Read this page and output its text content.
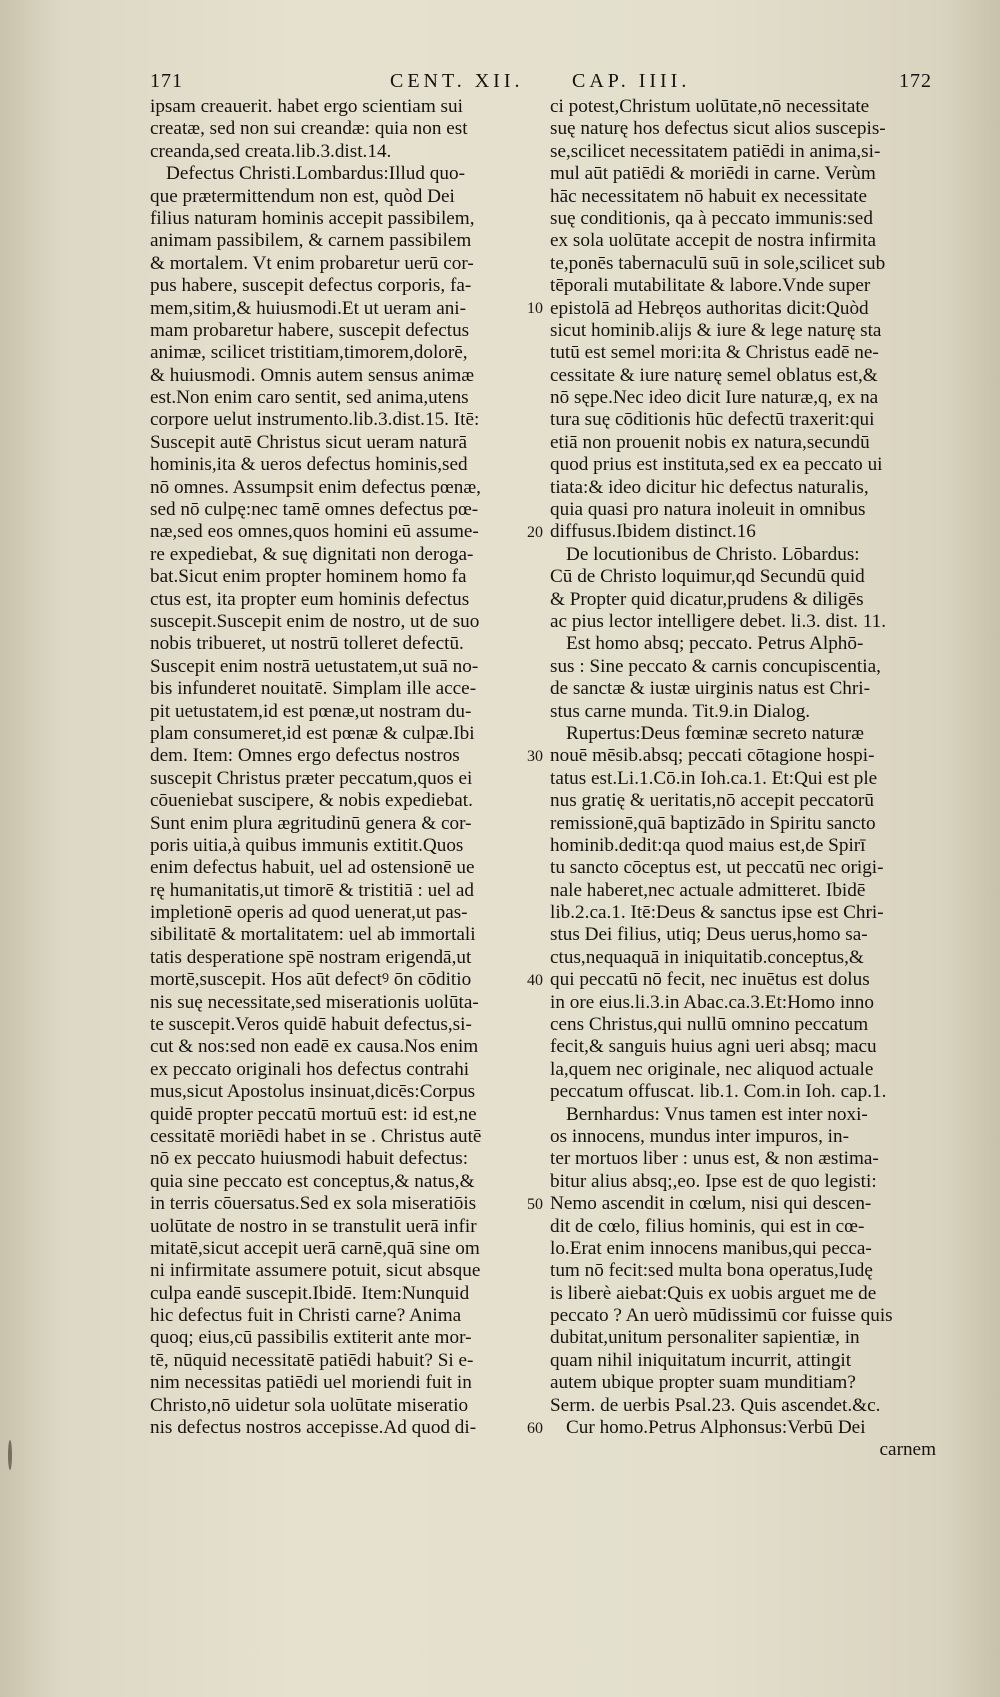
171	CENT. XII. CAP. IIII.	172
ipsam creauerit. habet ergo scientiam sui
creatæ, sed non sui creandæ: quia non est
creanda,sed creata.lib.3.dist.14.
Defectus Christi.Lombardus:Illud quo-
que prætermittendum non est, quòd Dei
filius naturam hominis accepit passibilem,
animam passibilem, & carnem passibilem
& mortalem. Vt enim probaretur uerū cor-
pus habere, suscepit defectus corporis, fa-
mem,sitim,& huiusmodi.Et ut ueram ani-
mam probaretur habere, suscepit defectus
animæ, scilicet tristitiam,timorem,dolorē,
& huiusmodi. Omnis autem sensus animæ
est.Non enim caro sentit, sed anima,utens
corpore uelut instrumento.lib.3.dist.15. Itē:
Suscepit autē Christus sicut ueram naturā
hominis,ita & ueros defectus hominis,sed
nō omnes. Assumpsit enim defectus pœnæ,
sed nō culpę:nec tamē omnes defectus pœ-
næ,sed eos omnes,quos homini eū assume-
re expediebat, & suę dignitati non deroga-
bat.Sicut enim propter hominem homo fa
ctus est, ita propter eum hominis defectus
suscepit.Suscepit enim de nostro, ut de suo
nobis tribueret, ut nostrū tolleret defectū.
Suscepit enim nostrā uetustatem,ut suā no-
bis infunderet nouitatē. Simplam ille acce-
pit uetustatem,id est pœnæ,ut nostram du-
plam consumeret,id est pœnæ & culpæ.Ibi
dem. Item: Omnes ergo defectus nostros
suscepit Christus præter peccatum,quos ei
cōueniebat suscipere, & nobis expediebat.
Sunt enim plura ægritudinū genera & cor-
poris uitia,à quibus immunis extitit.Quos
enim defectus habuit, uel ad ostensionē ue
rę humanitatis,ut timorē & tristitiā : uel ad
impletionē operis ad quod uenerat,ut pas-
sibilitatē & mortalitatem: uel ab immortali
tatis desperatione spē nostram erigendā,ut
mortē,suscepit. Hos aūt defectꝰ ōn cōditio
nis suę necessitate,sed miserationis uolūta-
te suscepit.Veros quidē habuit defectus,si-
cut & nos:sed non eadē ex causa.Nos enim
ex peccato originali hos defectus contrahi
mus,sicut Apostolus insinuat,dicēs:Corpus
quidē propter peccatū mortuū est: id est,ne
cessitatē moriēdi habet in se . Christus autē
nō ex peccato huiusmodi habuit defectus:
quia sine peccato est conceptus,& natus,&
in terris cōuersatus.Sed ex sola miseratiōis
uolūtate de nostro in se transtulit uerā infir
mitatē,sicut accepit uerā carnē,quā sine om
ni infirmitate assumere potuit, sicut absque
culpa eandē suscepit.Ibidē. Item:Nunquid
hic defectus fuit in Christi carne? Anima
quoq; eius,cū passibilis extiterit ante mor-
tē, nūquid necessitatē patiēdi habuit? Si e-
nim necessitas patiēdi uel moriendi fuit in
Christo,nō uidetur sola uolūtate miseratio
nis defectus nostros accepisse.Ad quod di-
ci potest,Christum uolūtate,nō necessitate
suę naturę hos defectus sicut alios suscepis-
se,scilicet necessitatem patiēdi in anima,si-
mul aūt patiēdi & moriēdi in carne. Verùm
hāc necessitatem nō habuit ex necessitate
suę conditionis, qa à peccato immunis:sed
ex sola uolūtate accepit de nostra infirmita
te,ponēs tabernaculū suū in sole,scilicet sub
tēporali mutabilitate & labore.Vnde super
epistolā ad Hebręos authoritas dicit:Quòd
sicut hominib.alijs & iure & lege naturę sta
tutū est semel mori:ita & Christus eadē ne-
cessitate & iure naturę semel oblatus est,&
nō sępe.Nec ideo dicit Iure naturæ,q, ex na
tura suę cōditionis hūc defectū traxerit:qui
etiā non prouenit nobis ex natura,secundū
quod prius est instituta,sed ex ea peccato ui
tiata:& ideo dicitur hic defectus naturalis,
quia quasi pro natura inoleuit in omnibus
diffusus.Ibidem distinct.16
De locutionibus de Christo. Lōbardus:
Cū de Christo loquimur,qd Secundū quid
& Propter quid dicatur,prudens & diligēs
ac pius lector intelligere debet. li.3. dist. 11.
Est homo absq; peccato. Petrus Alphō-
sus : Sine peccato & carnis concupiscentia,
de sanctæ & iustæ uirginis natus est Chri-
stus carne munda. Tit.9.in Dialog.
Rupertus:Deus fœminæ secreto naturæ
nouē mēsib.absq; peccati cōtagione hospi-
tatus est.Li.1.Cō.in Ioh.ca.1. Et:Qui est ple
nus gratię & ueritatis,nō accepit peccatorū
remissionē,quā baptizādo in Spiritu sancto
hominib.dedit:qa quod maius est,de Spirī
tu sancto cōceptus est, ut peccatū nec origi-
nale haberet,nec actuale admitteret. Ibidē
lib.2.ca.1. Itē:Deus & sanctus ipse est Chri-
stus Dei filius, utiq; Deus uerus,homo sa-
ctus,nequaquā in iniquitatib.conceptus,&
qui peccatū nō fecit, nec inuētus est dolus
in ore eius.li.3.in Abac.ca.3.Et:Homo inno
cens Christus,qui nullū omnino peccatum
fecit,& sanguis huius agni ueri absq; macu
la,quem nec originale, nec aliquod actuale
peccatum offuscat. lib.1. Com.in Ioh. cap.1.
Bernhardus: Vnus tamen est inter noxi-
os innocens, mundus inter impuros, in-
ter mortuos liber : unus est, & non æstima-
bitur alius absq;,eo. Ipse est de quo legisti:
Nemo ascendit in cœlum, nisi qui descen-
dit de cœlo, filius hominis, qui est in cœ-
lo.Erat enim innocens manibus,qui pecca-
tum nō fecit:sed multa bona operatus,Iudę
is liberè aiebat:Quis ex uobis arguet me de
peccato ? An uerò mūdissimū cor fuisse quis
dubitat,unitum personaliter sapientiæ, in
quam nihil iniquitatum incurrit, attingit
autem ubique propter suam munditiam?
Serm. de uerbis Psal.23. Quis ascendet.&c.
Cur homo.Petrus Alphonsus:Verbū Dei
carnem
10
20
30
40
50
60
